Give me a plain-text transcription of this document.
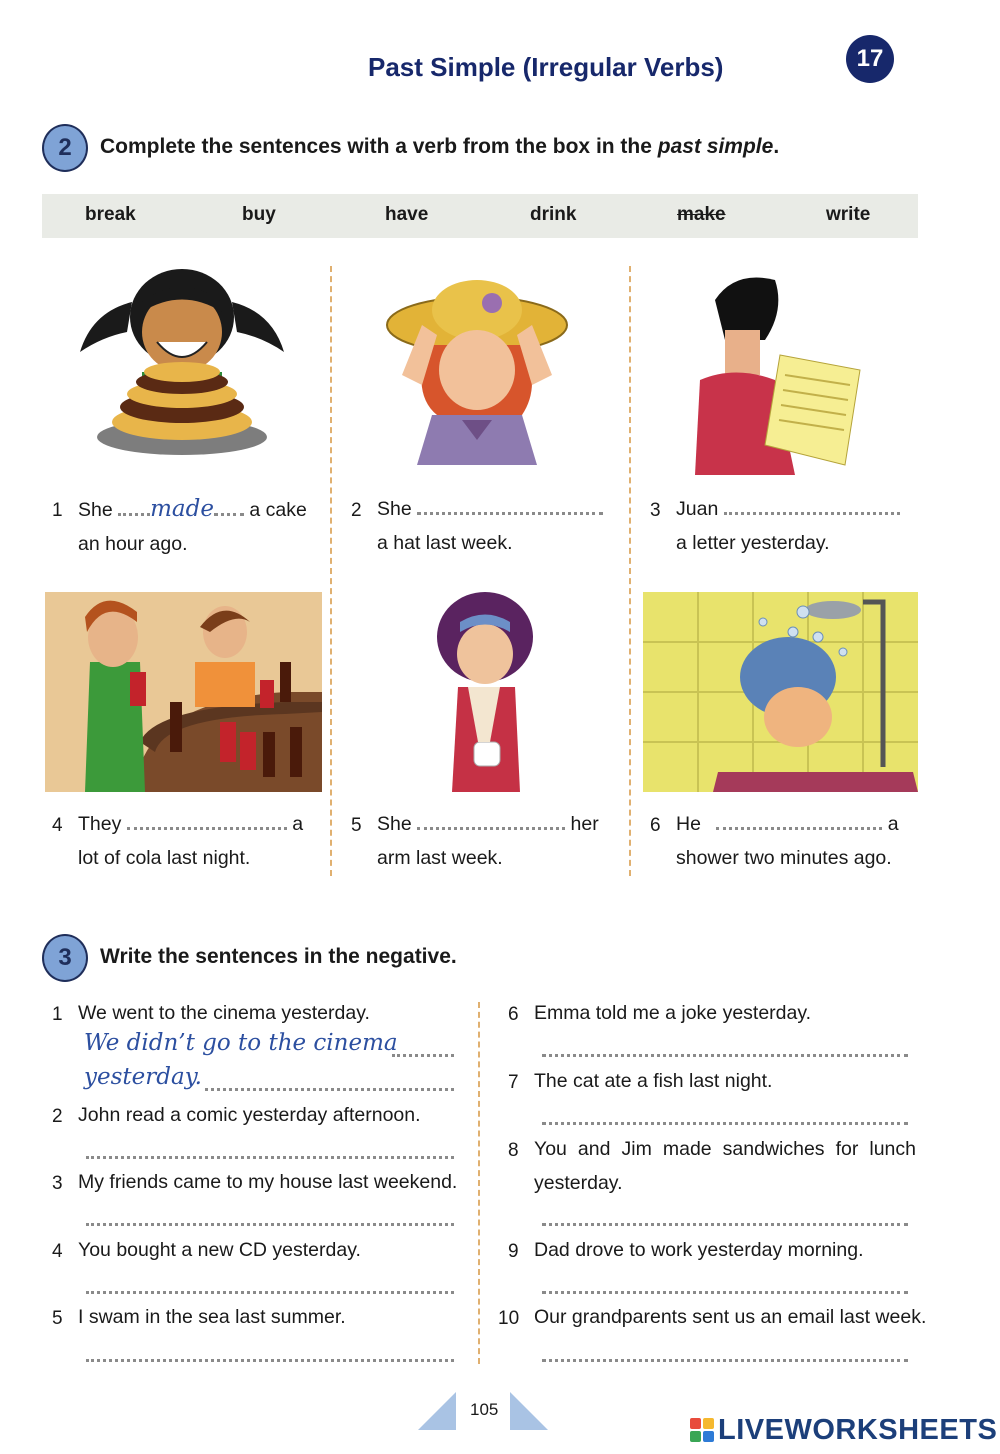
Past Simple (Irregular Verbs)	17
2	Complete the sentences with a verb from the box in the past simple.
break	buy	have	drink	make	write
1 She made a cake
an hour ago.
2 She
a hat last week.
3 Juan
a letter yesterday.
4 They	a
lot of cola last night.
5 She	her
arm last week.
6 He	a
shower two minutes ago.
3	Write the sentences in the negative.
1 We went to the cinema yesterday.
We didn’t go to the cinema
yesterday.
2 John read a comic yesterday afternoon.
3 My friends came to my house last weekend.
4 You bought a new CD yesterday.
5 I swam in the sea last summer.
6 Emma told me a joke yesterday.
7 The cat ate a fish last night.
8 You and Jim made sandwiches for lunch
yesterday.
9 Dad drove to work yesterday morning.
10 Our grandparents sent us an email last week.
105
LIVEWORKSHEETS
